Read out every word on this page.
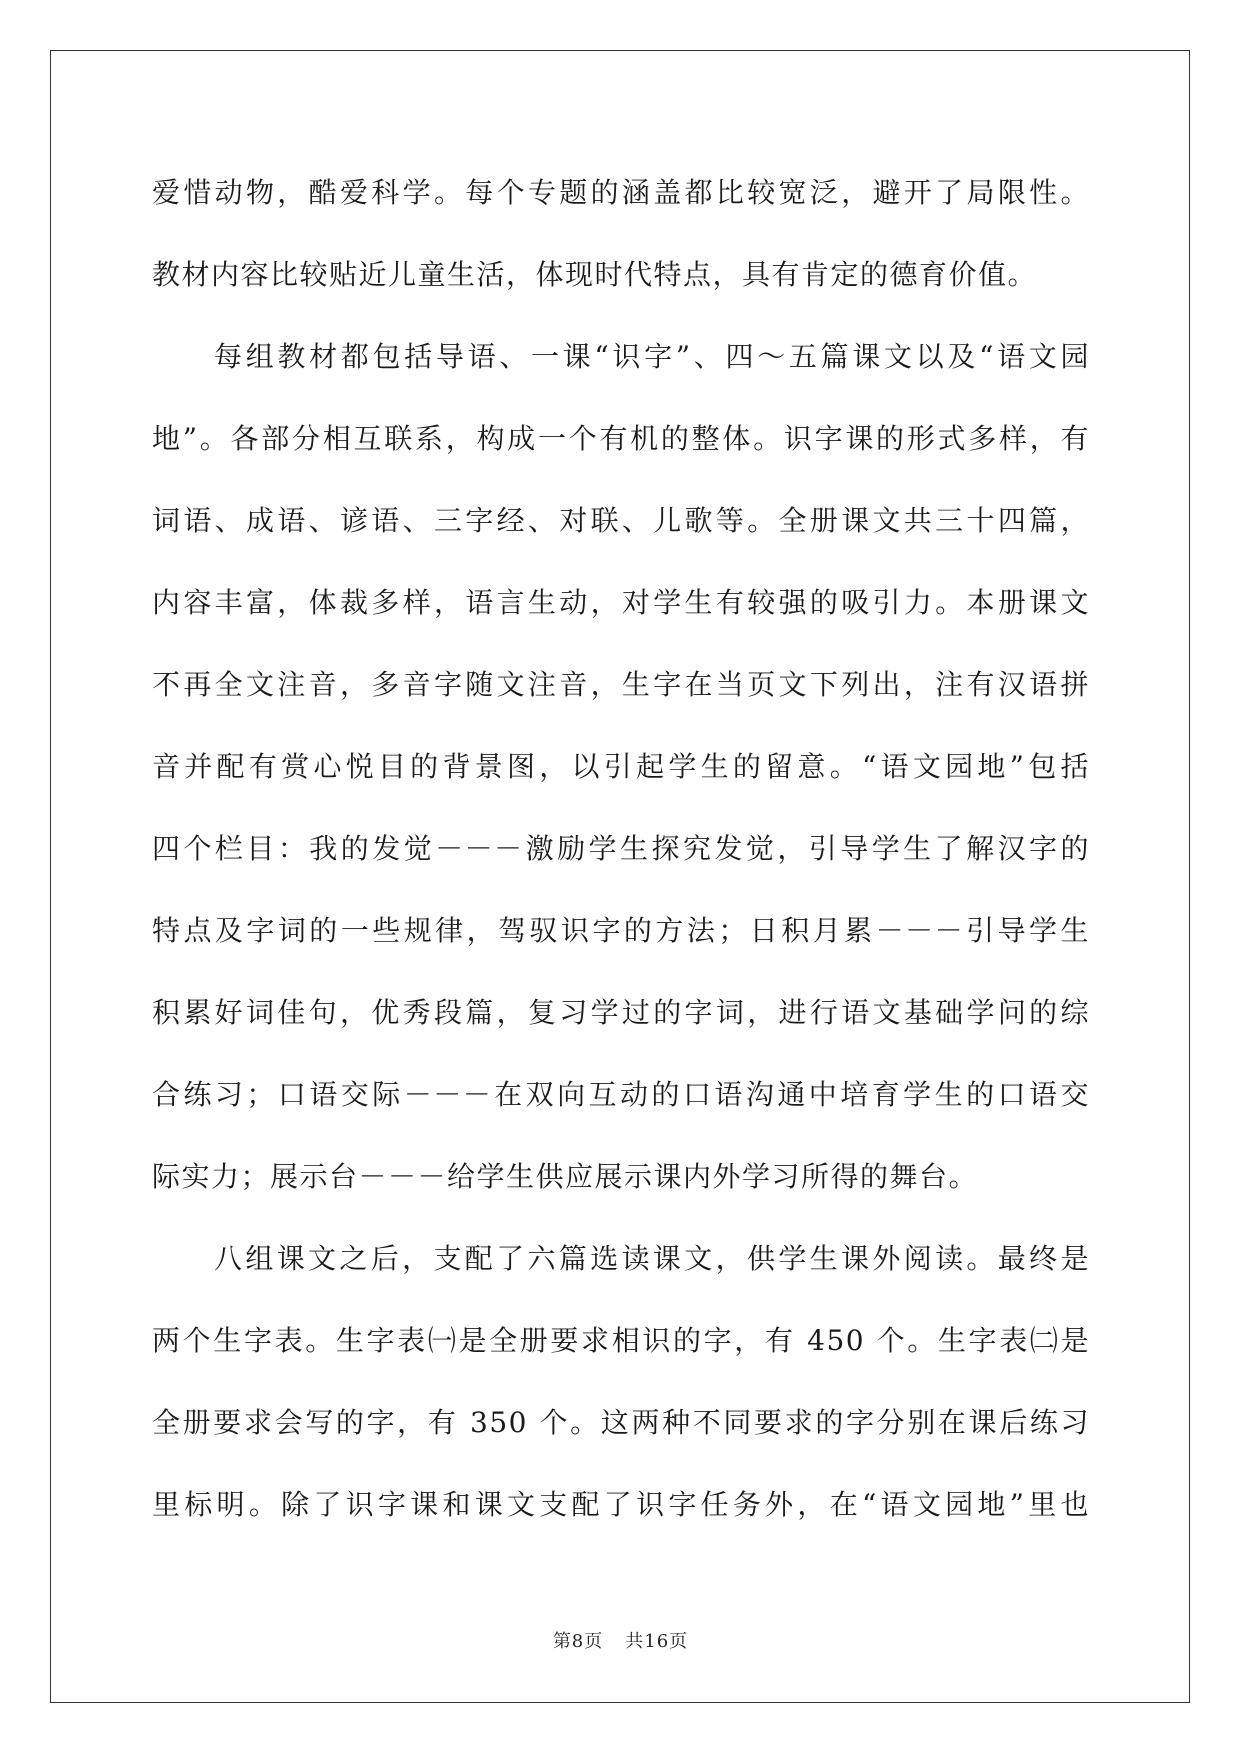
爱惜动物，酷爱科学。每个专题的涵盖都比较宽泛，避开了局限性。
教材内容比较贴近儿童生活，体现时代特点，具有肯定的德育价值。
每组教材都包括导语、一课“识字”、四～五篇课文以及“语文园
地”。各部分相互联系，构成一个有机的整体。识字课的形式多样，有
词语、成语、谚语、三字经、对联、儿歌等。全册课文共三十四篇，
内容丰富，体裁多样，语言生动，对学生有较强的吸引力。本册课文
不再全文注音，多音字随文注音，生字在当页文下列出，注有汉语拼
音并配有赏心悦目的背景图，以引起学生的留意。“语文园地”包括
四个栏目：我的发觉－－－激励学生探究发觉，引导学生了解汉字的
特点及字词的一些规律，驾驭识字的方法；日积月累－－－引导学生
积累好词佳句，优秀段篇，复习学过的字词，进行语文基础学问的综
合练习；口语交际－－－在双向互动的口语沟通中培育学生的口语交
际实力；展示台－－－给学生供应展示课内外学习所得的舞台。
八组课文之后，支配了六篇选读课文，供学生课外阅读。最终是
两个生字表。生字表㈠是全册要求相识的字，有 450 个。生字表㈡是
全册要求会写的字，有 350 个。这两种不同要求的字分别在课后练习
里标明。除了识字课和课文支配了识字任务外，在“语文园地”里也
第8页 共16页
